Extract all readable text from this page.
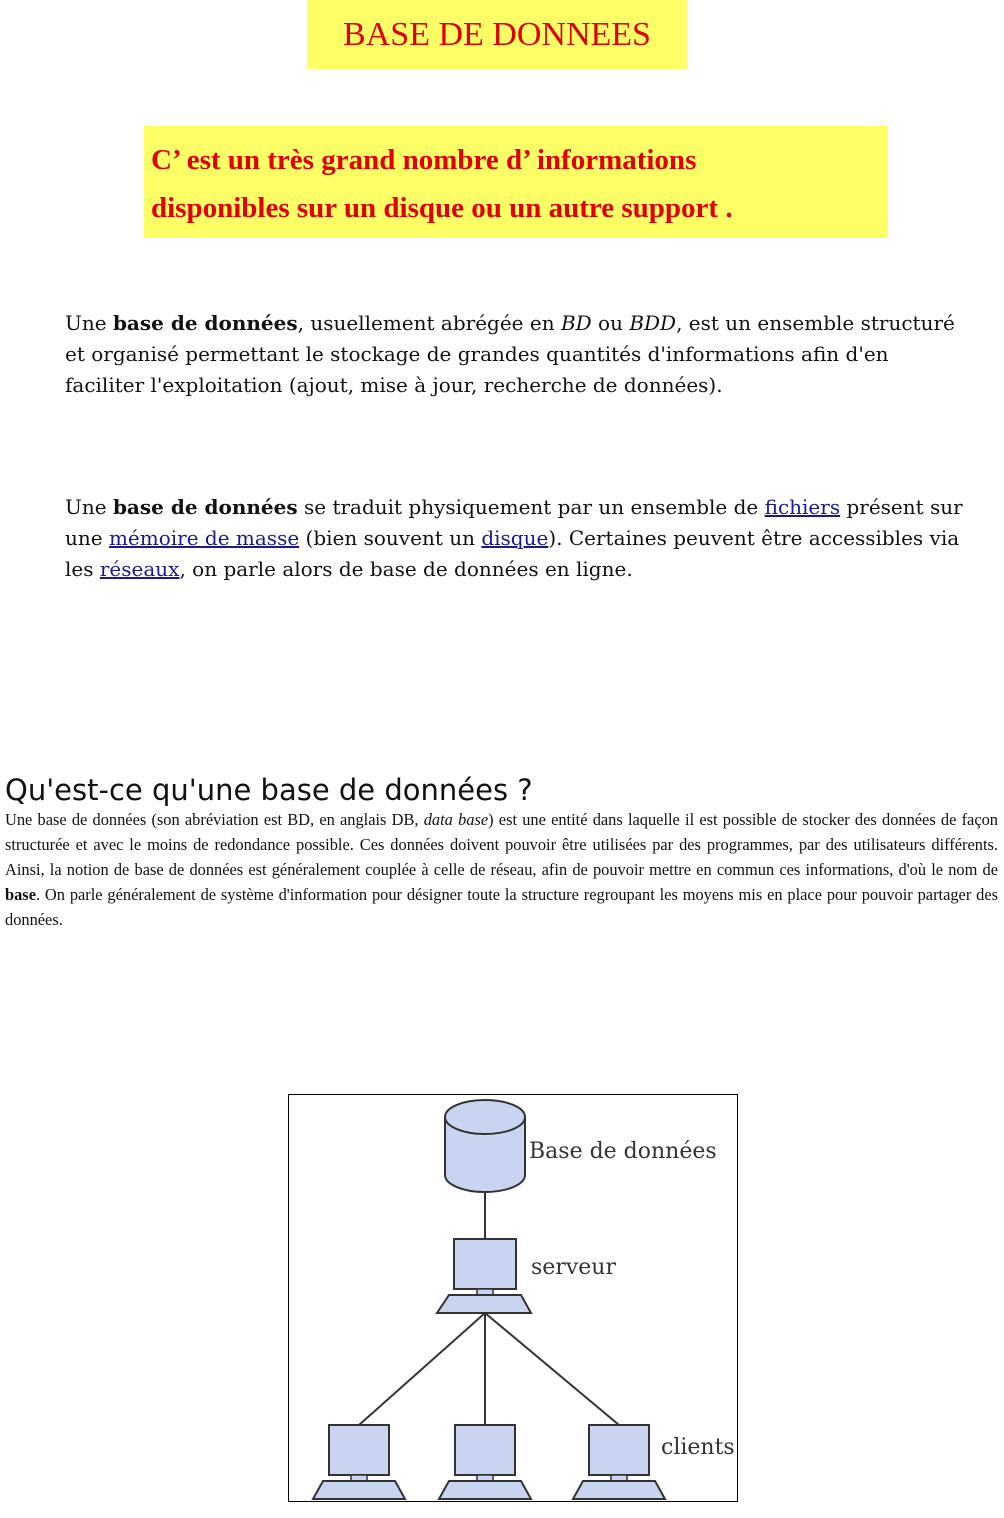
BASE DE DONNEES

C’ est un très grand nombre d’ informations

disponibles sur un disque ou un autre support .

Une base de données, usuellement abrégée en BD ou BDD, est un ensemble structuré et organisé permettant le stockage de grandes quantités d'informations afin d'en faciliter l'exploitation (ajout, mise à jour, recherche de données).

Une base de données se traduit physiquement par un ensemble de fichiers présent sur une mémoire de masse (bien souvent un disque). Certaines peuvent être accessibles via les réseaux, on parle alors de base de données en ligne.

Qu'est-ce qu'une base de données ?

Une base de données (son abréviation est BD, en anglais DB, data base) est une entité dans laquelle il est possible de stocker des données de façon structurée et avec le moins de redondance possible. Ces données doivent pouvoir être utilisées par des programmes, par des utilisateurs différents. Ainsi, la notion de base de données est généralement couplée à celle de réseau, afin de pouvoir mettre en commun ces informations, d'où le nom de base. On parle généralement de système d'information pour désigner toute la structure regroupant les moyens mis en place pour pouvoir partager des données.

Base de données
serveur
clients
